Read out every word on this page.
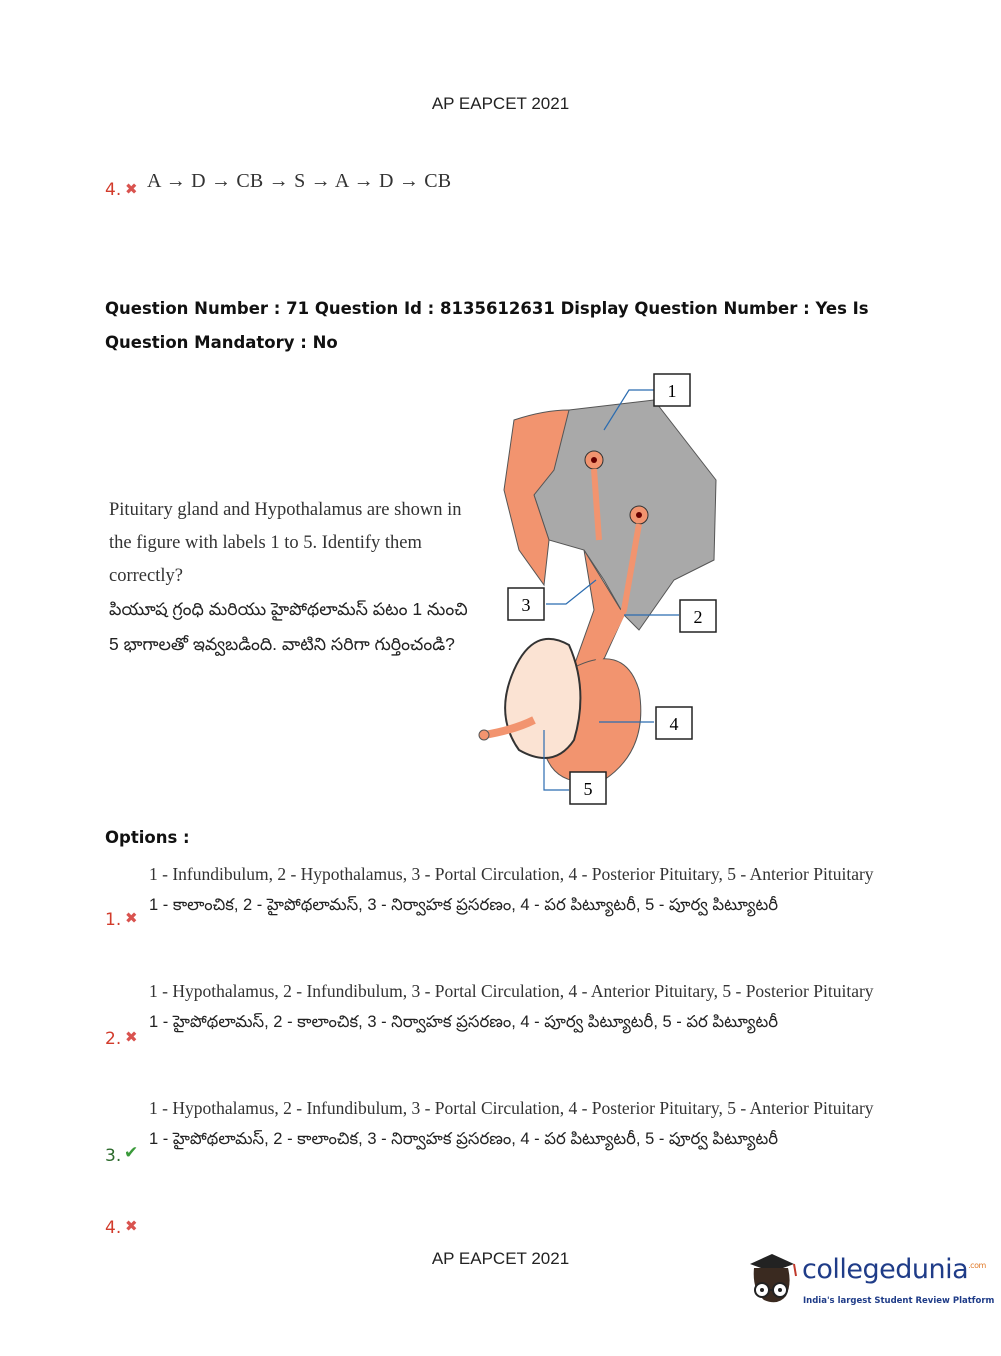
AP EAPCET 2021
4. ✖ A → D → CB → S → A → D → CB
Question Number : 71 Question Id : 8135612631 Display Question Number : Yes Is Question Mandatory : No
Pituitary gland and Hypothalamus are shown in the figure with labels 1 to 5. Identify them correctly?
పియూష గ్రంధి మరియు హైపోథలామస్ పటం 1 నుంచి 5 భాగాలతో ఇవ్వబడింది. వాటిని సరిగా గుర్తించండి?
1
2
3
4
5
Options :
1 - Infundibulum, 2 - Hypothalamus, 3 - Portal Circulation, 4 - Posterior Pituitary, 5 - Anterior Pituitary
1 - కాలాంచిక, 2 - హైపోథలామస్, 3 - నిర్వాహక ప్రసరణం, 4 - పర పిట్యూటరీ, 5 - పూర్వ పిట్యూటరీ
1. ✖
1 - Hypothalamus, 2 - Infundibulum, 3 - Portal Circulation, 4 - Anterior Pituitary, 5 - Posterior Pituitary
1 - హైపోథలామస్, 2 - కాలాంచిక, 3 - నిర్వాహక ప్రసరణం, 4 - పూర్వ పిట్యూటరీ, 5 - పర పిట్యూటరీ
2. ✖
1 - Hypothalamus, 2 - Infundibulum, 3 - Portal Circulation, 4 - Posterior Pituitary, 5 - Anterior Pituitary
1 - హైపోథలామస్, 2 - కాలాంచిక, 3 - నిర్వాహక ప్రసరణం, 4 - పర పిట్యూటరీ, 5 - పూర్వ పిట్యూటరీ
3. ✔
4. ✖
AP EAPCET 2021	collegedunia$^{.com}$
India's largest Student Review Platform
